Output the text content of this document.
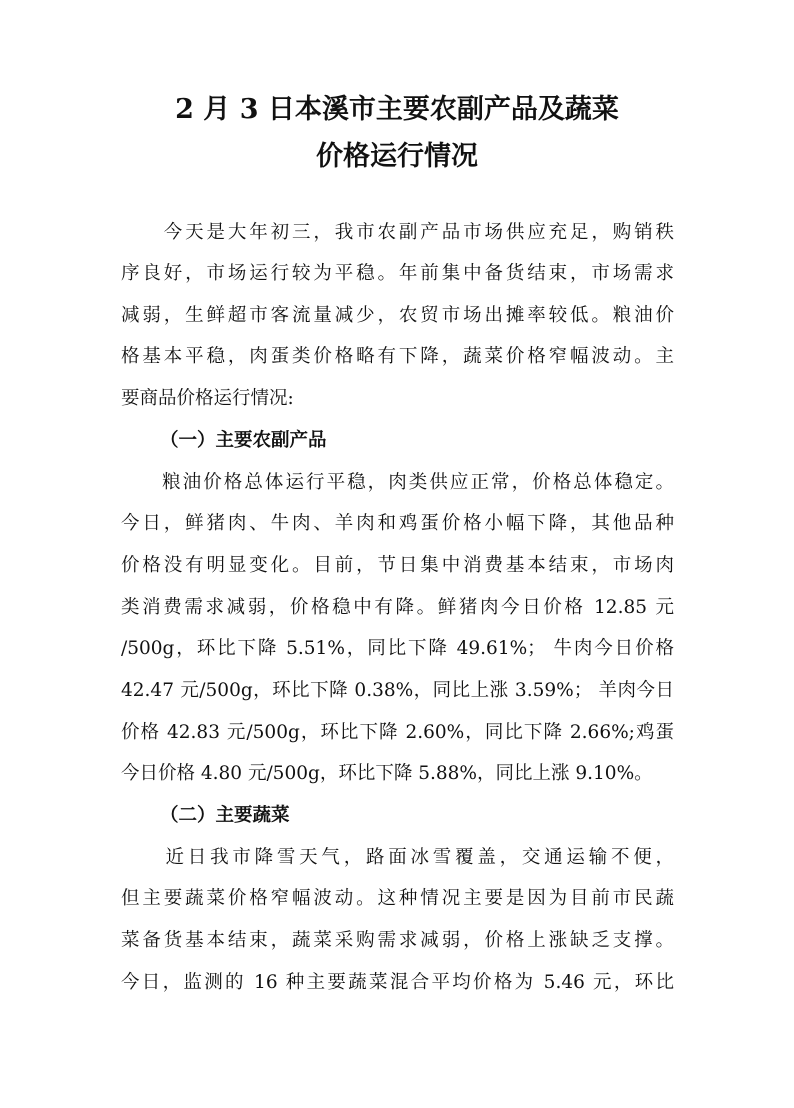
2 月 3 日本溪市主要农副产品及蔬菜
价格运行情况
　　今天是大年初三，我市农副产品市场供应充足，购销秩
序良好，市场运行较为平稳。年前集中备货结束，市场需求
减弱，生鲜超市客流量减少，农贸市场出摊率较低。粮油价
格基本平稳，肉蛋类价格略有下降，蔬菜价格窄幅波动。主
要商品价格运行情况:
（一）主要农副产品
　　粮油价格总体运行平稳，肉类供应正常，价格总体稳定。
今日，鲜猪肉、牛肉、羊肉和鸡蛋价格小幅下降，其他品种
价格没有明显变化。目前，节日集中消费基本结束，市场肉
类消费需求减弱，价格稳中有降。鲜猪肉今日价格 12.85 元
/500g，环比下降 5.51%，同比下降 49.61%； 牛肉今日价格
42.47 元/500g，环比下降 0.38%，同比上涨 3.59%； 羊肉今日
价格 42.83 元/500g，环比下降 2.60%，同比下降 2.66%;鸡蛋
今日价格 4.80 元/500g，环比下降 5.88%，同比上涨 9.10%。
（二）主要蔬菜
　　近日我市降雪天气，路面冰雪覆盖，交通运输不便，
但主要蔬菜价格窄幅波动。这种情况主要是因为目前市民蔬
菜备货基本结束，蔬菜采购需求减弱，价格上涨缺乏支撑。
今日，监测的 16 种主要蔬菜混合平均价格为 5.46 元，环比
